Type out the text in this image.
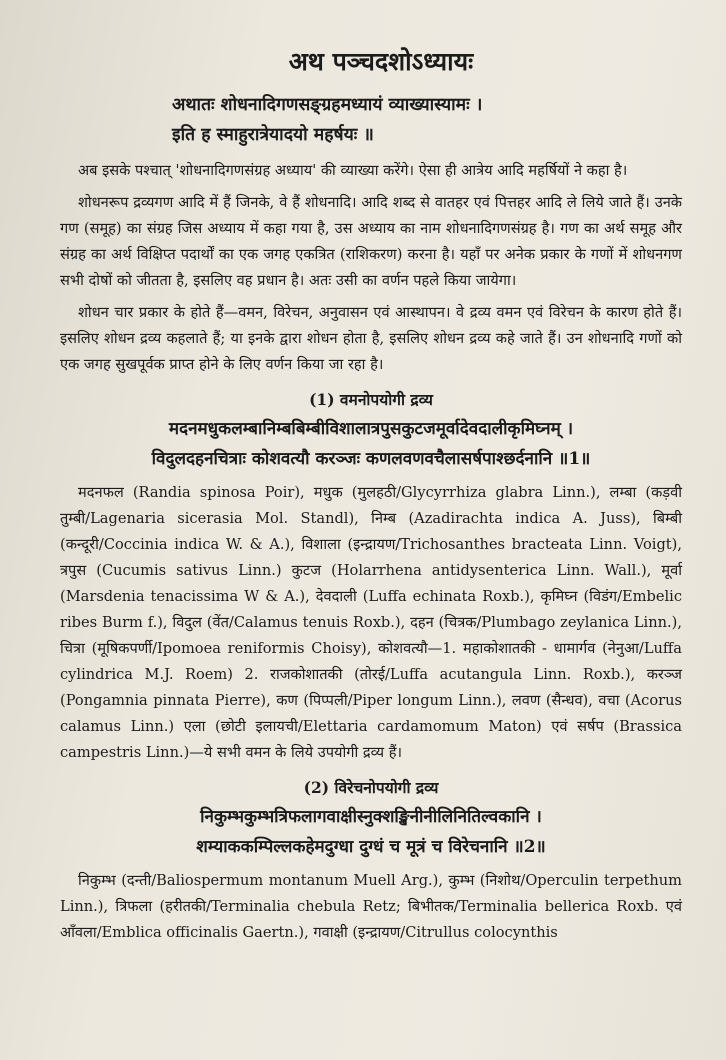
अथ पञ्चदशोऽध्यायः

अथातः शोधनादिगणसङ्ग्रहमध्यायं व्याख्यास्यामः ।

इति ह स्माहुरात्रेयादयो महर्षयः ॥

अब इसके पश्चात् 'शोधनादिगणसंग्रह अध्याय' की व्याख्या करेंगे। ऐसा ही आत्रेय आदि महर्षियों ने कहा है।

शोधनरूप द्रव्यगण आदि में हैं जिनके, वे हैं शोधनादि। आदि शब्द से वातहर एवं पित्तहर आदि ले लिये जाते हैं। उनके गण (समूह) का संग्रह जिस अध्याय में कहा गया है, उस अध्याय का नाम शोधनादिगणसंग्रह है। गण का अर्थ समूह और संग्रह का अर्थ विक्षिप्त पदार्थों का एक जगह एकत्रित (राशिकरण) करना है। यहाँ पर अनेक प्रकार के गणों में शोधनगण सभी दोषों को जीतता है, इसलिए वह प्रधान है। अतः उसी का वर्णन पहले किया जायेगा।

शोधन चार प्रकार के होते हैं—वमन, विरेचन, अनुवासन एवं आस्थापन। वे द्रव्य वमन एवं विरेचन के कारण होते हैं। इसलिए शोधन द्रव्य कहलाते हैं; या इनके द्वारा शोधन होता है, इसलिए शोधन द्रव्य कहे जाते हैं। उन शोधनादि गणों को एक जगह सुखपूर्वक प्राप्त होने के लिए वर्णन किया जा रहा है।

(1) वमनोपयोगी द्रव्य

मदनमधुकलम्बानिम्बबिम्बीविशालात्रपुसकुटजमूर्वादेवदालीकृमिघ्नम् ।

विदुलदहनचित्राः कोशवत्यौ करञ्जः कणलवणवचैलासर्षपाश्छर्दनानि ॥1॥

मदनफल (Randia spinosa Poir), मधुक (मुलहठी/Glycyrrhiza glabra Linn.), लम्बा (कड़वी तुम्बी/Lagenaria sicerasia Mol. Standl), निम्ब (Azadirachta indica A. Juss), बिम्बी (कन्दूरी/Coccinia indica W. & A.), विशाला (इन्द्रायण/Trichosanthes bracteata Linn. Voigt), त्रपुस (Cucumis sativus Linn.) कुटज (Holarrhena antidysenterica Linn. Wall.), मूर्वा (Marsdenia tenacissima W & A.), देवदाली (Luffa echinata Roxb.), कृमिघ्न (विडंग/Embelic ribes Burm f.), विदुल (वेंत/Calamus tenuis Roxb.), दहन (चित्रक/Plumbago zeylanica Linn.), चित्रा (मूषिकपर्णी/Ipomoea reniformis Choisy), कोशवत्यौ—1. महाकोशातकी - धामार्गव (नेनुआ/Luffa cylindrica M.J. Roem) 2. राजकोशातकी (तोरई/Luffa acutangula Linn. Roxb.), करञ्ज (Pongamnia pinnata Pierre), कण (पिप्पली/Piper longum Linn.), लवण (सैन्धव), वचा (Acorus calamus Linn.) एला (छोटी इलायची/Elettaria cardamomum Maton) एवं सर्षप (Brassica campestris Linn.)—ये सभी वमन के लिये उपयोगी द्रव्य हैं।

(2) विरेचनोपयोगी द्रव्य

निकुम्भकुम्भत्रिफलागवाक्षीस्नुक्शङ्खिनीनीलिनितिल्वकानि ।

शम्याककम्पिल्लकहेमदुग्धा दुग्धं च मूत्रं च विरेचनानि ॥2॥

निकुम्भ (दन्ती/Baliospermum montanum Muell Arg.), कुम्भ (निशोथ/Operculin terpethum Linn.), त्रिफला (हरीतकी/Terminalia chebula Retz; बिभीतक/Terminalia bellerica Roxb. एवं आँवला/Emblica officinalis Gaertn.), गवाक्षी (इन्द्रायण/Citrullus colocynthis
